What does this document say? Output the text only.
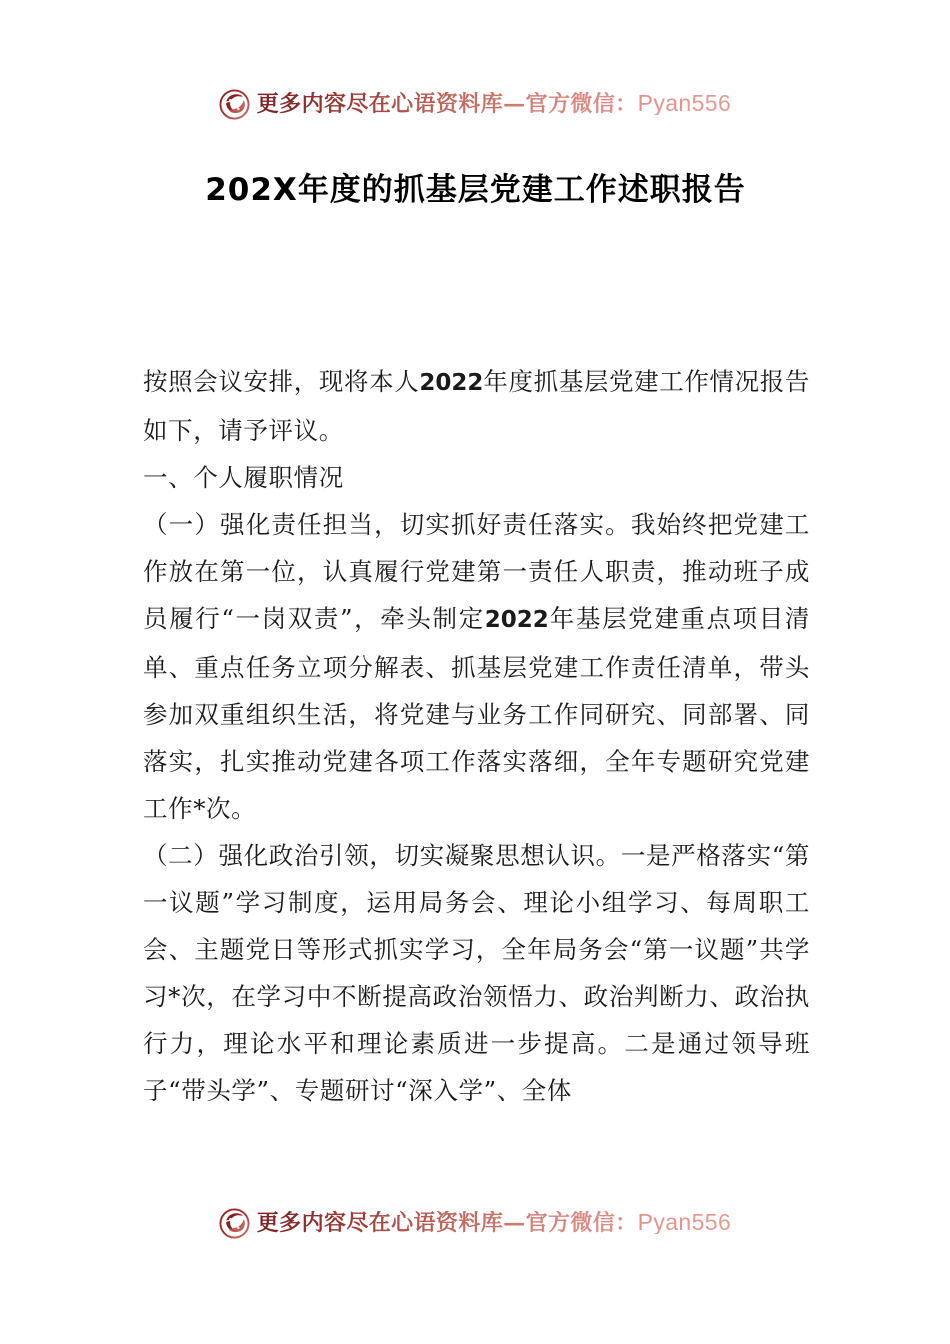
更多内容尽在心语资料库—官方微信：Pyan556
202X年度的抓基层党建工作述职报告

按照会议安排，现将本人2022年度抓基层党建工作情况报告如下，请予评议。

一、个人履职情况

（一）强化责任担当，切实抓好责任落实。我始终把党建工作放在第一位，认真履行党建第一责任人职责，推动班子成员履行“一岗双责”，牵头制定2022年基层党建重点项目清单、重点任务立项分解表、抓基层党建工作责任清单，带头参加双重组织生活，将党建与业务工作同研究、同部署、同落实，扎实推动党建各项工作落实落细，全年专题研究党建工作*次。

（二）强化政治引领，切实凝聚思想认识。一是严格落实“第一议题”学习制度，运用局务会、理论小组学习、每周职工会、主题党日等形式抓实学习，全年局务会“第一议题”共学习*次，在学习中不断提高政治领悟力、政治判断力、政治执行力，理论水平和理论素质进一步提高。二是通过领导班子“带头学”、专题研讨“深入学”、全体

更多内容尽在心语资料库—官方微信：Pyan556
